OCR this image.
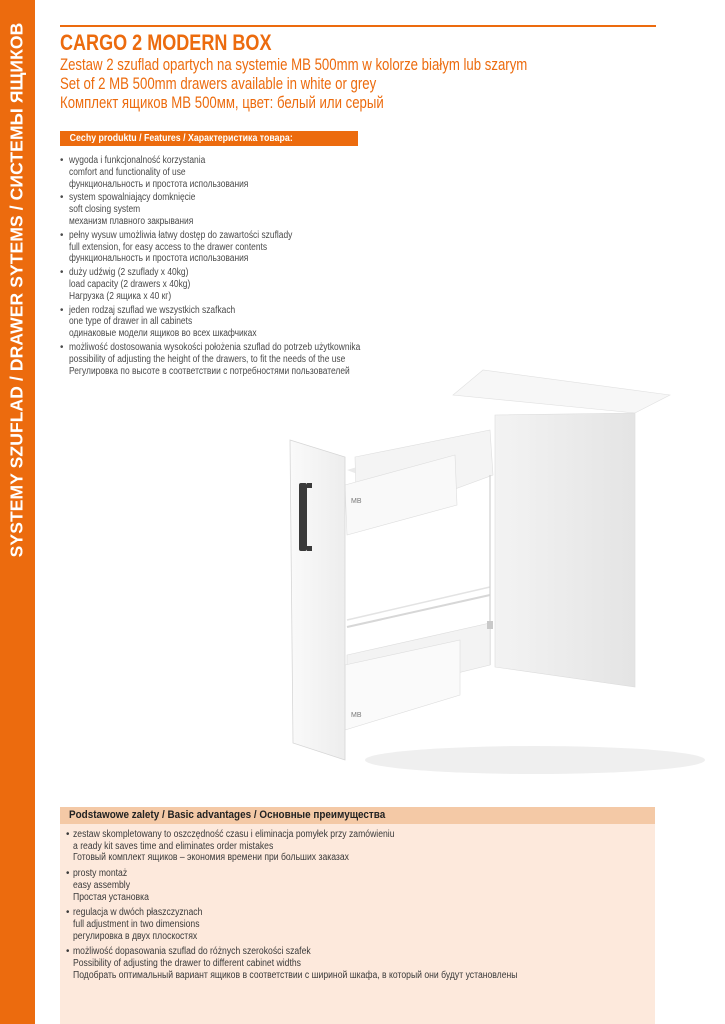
SYSTEMY SZUFLAD / DRAWER SYTEMS / СИСТЕМЫ ЯЩИКОВ CARGO 2 MODERN BOX
Zestaw 2 szuflad opartych na systemie MB 500mm w kolorze białym lub szarym
Set of 2 MB 500mm drawers available in white or grey
Комплект ящиков MB 500мм, цвет: белый или серый
Cechy produktu / Features / Характеристика товара:
• wygoda i funkcjonalność korzystania
comfort and functionality of use
функциональность и простота использования
• system spowalniający domknięcie
soft closing system
механизм плавного закрывания
• pełny wysuw umożliwia łatwy dostęp do zawartości szuflady
full extension, for easy access to the drawer contents
функциональность и простота использования
• duży udźwig (2 szuflady x 40kg)
load capacity (2 drawers x 40kg)
Нагрузка (2 ящика x 40 кг)
• jeden rodzaj szuflad we wszystkich szafkach
one type of drawer in all cabinets
одинаковые модели ящиков во всех шкафчиках
• możliwość dostosowania wysokości położenia szuflad do potrzeb użytkownika
possibility of adjusting the height of the drawers, to fit the needs of the use
Регулировка по высоте в соответствии с потребностями пользователей
MB
MB
Podstawowe zalety / Basic advantages / Основные преимущества
• zestaw skompletowany to oszczędność czasu i eliminacja pomyłek przy zamówieniu
a ready kit saves time and eliminates order mistakes
Готовый комплект ящиков – экономия времени при больших заказах
• prosty montaż
easy assembly
Простая установка
• regulacja w dwóch płaszczyznach
full adjustment in two dimensions
регулировка в двух плоскостях
• możliwość dopasowania szuflad do różnych szerokości szafek
Possibility of adjusting the drawer to different cabinet widths
Подобрать оптимальный вариант ящиков в соответствии с шириной шкафа, в который они будут установлены
